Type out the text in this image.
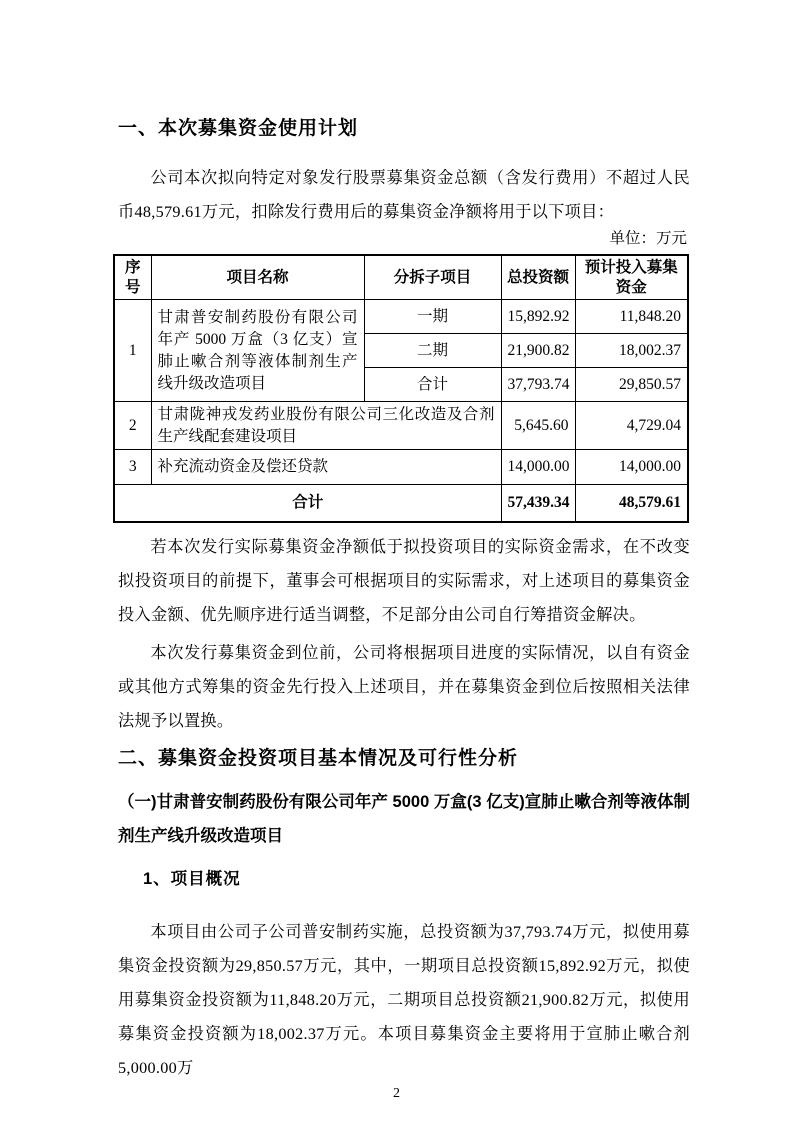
一、本次募集资金使用计划

公司本次拟向特定对象发行股票募集资金总额（含发行费用）不超过人民币48,579.61万元，扣除发行费用后的募集资金净额将用于以下项目：

单位：万元
序号	项目名称	分拆子项目	总投资额	预计投入募集资金
1	甘肃普安制药股份有限公司年产 5000 万盒（3 亿支）宣肺止嗽合剂等液体制剂生产线升级改造项目	一期	15,892.92	11,848.20
		二期	21,900.82	18,002.37
		合计	37,793.74	29,850.57
2	甘肃陇神戎发药业股份有限公司三化改造及合剂生产线配套建设项目		5,645.60	4,729.04
3	补充流动资金及偿还贷款		14,000.00	14,000.00
合计			57,439.34	48,579.61

若本次发行实际募集资金净额低于拟投资项目的实际资金需求，在不改变拟投资项目的前提下，董事会可根据项目的实际需求，对上述项目的募集资金投入金额、优先顺序进行适当调整，不足部分由公司自行筹措资金解决。

本次发行募集资金到位前，公司将根据项目进度的实际情况，以自有资金或其他方式筹集的资金先行投入上述项目，并在募集资金到位后按照相关法律法规予以置换。

二、募集资金投资项目基本情况及可行性分析
（一)甘肃普安制药股份有限公司年产 5000 万盒(3 亿支)宣肺止嗽合剂等液体制剂生产线升级改造项目
1、项目概况

本项目由公司子公司普安制药实施，总投资额为37,793.74万元，拟使用募集资金投资额为29,850.57万元，其中，一期项目总投资额15,892.92万元，拟使用募集资金投资额为11,848.20万元，二期项目总投资额21,900.82万元，拟使用募集资金投资额为18,002.37万元。本项目募集资金主要将用于宣肺止嗽合剂5,000.00万

2
